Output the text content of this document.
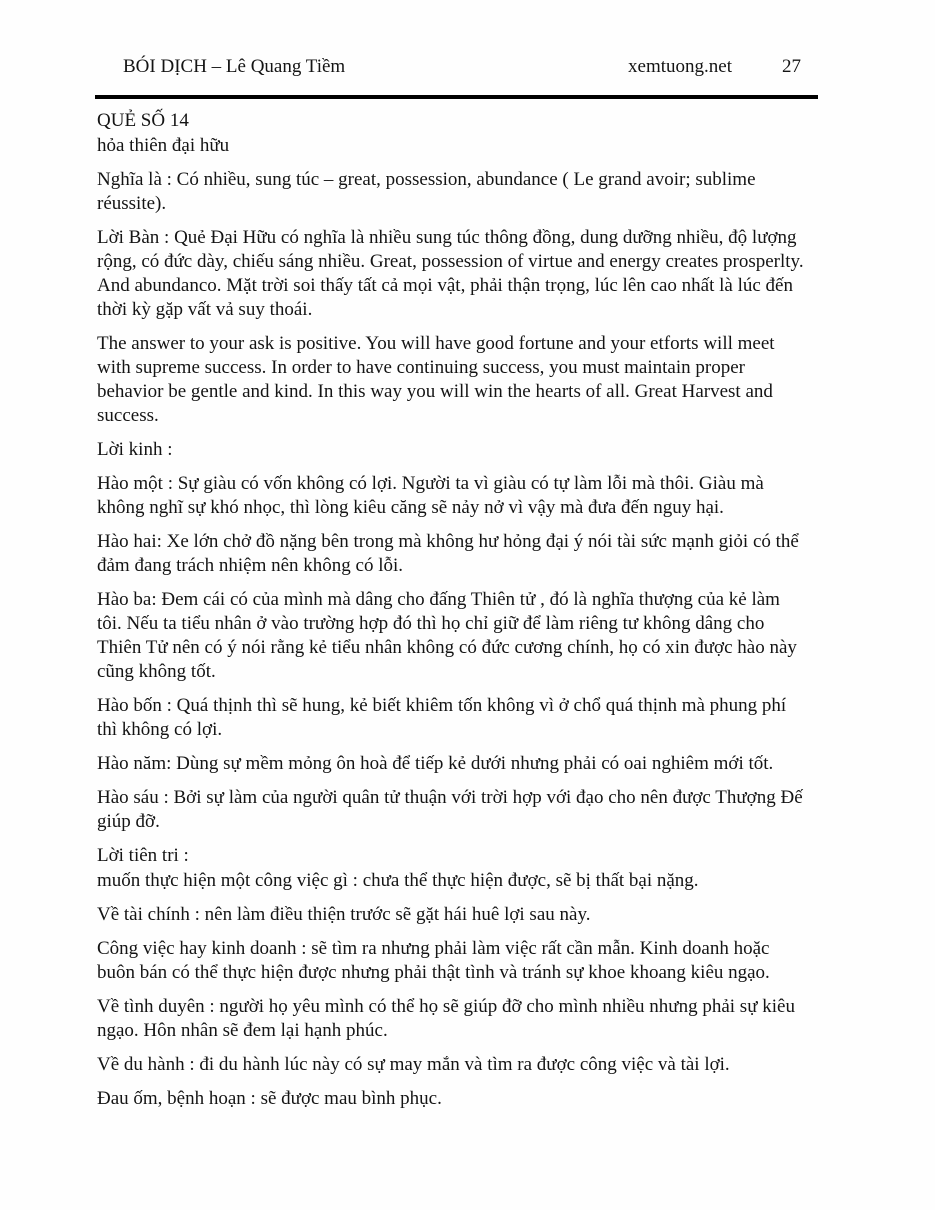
BÓI DỊCH – Lê Quang Tiềm	xemtuong.net	27

QUẺ SỐ 14

hỏa thiên đại hữu

Nghĩa là : Có nhiều, sung túc – great, possession, abundance ( Le grand avoir; sublime réussite).

Lời Bàn : Quẻ Đại Hữu có nghĩa là nhiều sung túc thông đồng, dung dưỡng nhiều, độ lượng rộng, có đức dày, chiếu sáng nhiều. Great, possession of virtue and energy creates prosperlty. And abundanco. Mặt trời soi thấy tất cả mọi vật, phải thận trọng, lúc lên cao nhất là lúc đến thời kỳ gặp vất vả suy thoái.

The answer to your ask is positive. You will have good fortune and your etforts will meet with supreme success. In order to have continuing success, you must maintain proper behavior be gentle and kind. In this way you will win the hearts of all. Great Harvest and success.

Lời kinh :

Hào một : Sự giàu có vốn không có lợi. Người ta vì giàu có tự làm lỗi mà thôi. Giàu mà không nghĩ sự khó nhọc, thì lòng kiêu căng sẽ nảy nở vì vậy mà đưa đến nguy hại.

Hào hai: Xe lớn chở đồ nặng bên trong mà không hư hỏng đại ý nói tài sức mạnh giỏi có thể đảm đang trách nhiệm nên không có lỗi.

Hào ba: Đem cái có của mình mà dâng cho đấng Thiên tử , đó là nghĩa thượng của kẻ làm tôi. Nếu ta tiểu nhân ở vào trường hợp đó thì họ chỉ giữ để làm riêng tư không dâng cho Thiên Tử nên có ý nói rằng kẻ tiểu nhân không có đức cương chính, họ có xin được hào này cũng không tốt.

Hào bốn : Quá thịnh thì sẽ hung, kẻ biết khiêm tốn không vì ở chổ quá thịnh mà phung phí thì không có lợi.

Hào năm: Dùng sự mềm mỏng ôn hoà để tiếp kẻ dưới nhưng phải có oai nghiêm mới tốt.

Hào sáu : Bởi sự làm của người quân tử thuận với trời hợp với đạo cho nên được Thượng Đế giúp đỡ.

Lời tiên tri :

muốn thực hiện một công việc gì : chưa thể thực hiện được, sẽ bị thất bại nặng.

Về tài chính : nên làm điều thiện trước sẽ gặt hái huê lợi sau này.

Công việc hay kinh doanh : sẽ tìm ra nhưng phải làm việc rất cần mẫn. Kinh doanh hoặc buôn bán có thể thực hiện được nhưng phải thật tình và tránh sự khoe khoang kiêu ngạo.

Về tình duyên : người họ yêu mình có thể họ sẽ giúp đỡ cho mình nhiều nhưng phải sự kiêu ngạo. Hôn nhân sẽ đem lại hạnh phúc.

Về du hành : đi du hành lúc này có sự may mắn và tìm ra được công việc và tài lợi.

Đau ốm, bệnh hoạn : sẽ được mau bình phục.
